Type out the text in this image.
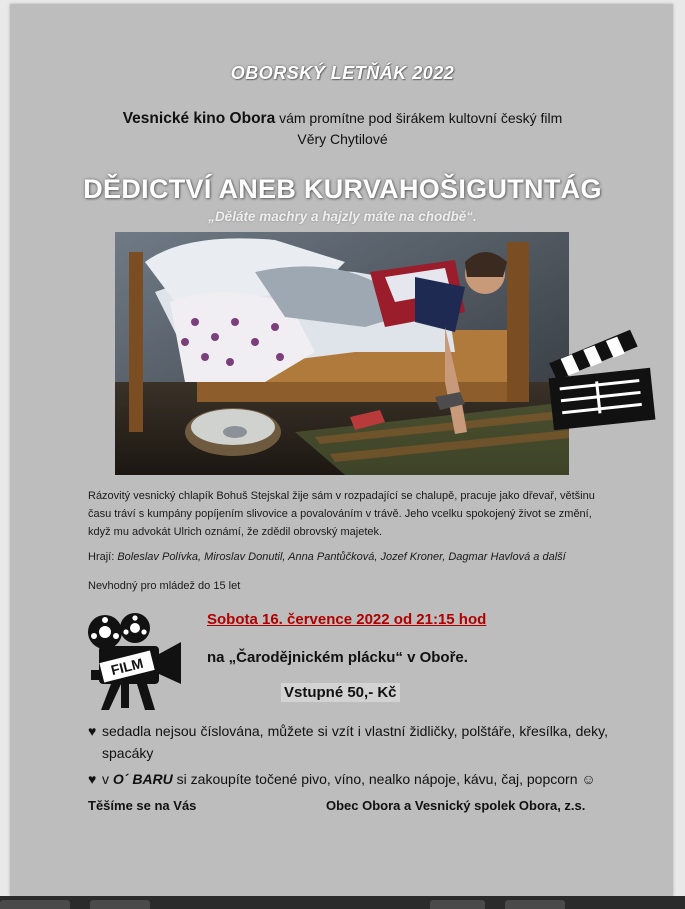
OBORSKÝ LETŇÁK 2022
Vesnické kino Obora vám promítne pod širákem kultovní český film
Věry Chytilové
DĚDICTVÍ ANEB KURVAHOŠIGUTNTÁG
„Děláte machry a hajzly máte na chodbě“.
Rázovitý vesnický chlapík Bohuš Stejskal žije sám v rozpadající se chalupě, pracuje jako dřevař, většinu
času tráví s kumpány popíjením slivovice a povalováním v trávě. Jeho vcelku spokojený život se změní,
když mu advokát Ulrich oznámí, že zdědil obrovský majetek.
Hrají: Boleslav Polívka, Miroslav Donutil, Anna Pantůčková, Jozef Kroner, Dagmar Havlová a další
Nevhodný pro mládež do 15 let
FILM
Sobota 16. července 2022 od 21:15 hod
na „Čarodějnickém plácku“ v Oboře.
Vstupné 50,- Kč
♥ sedadla nejsou číslována, můžete si vzít i vlastní židličky, polštáře, křesílka, deky, spacáky
♥ v O´ BARU si zakoupíte točené pivo, víno, nealko nápoje, kávu, čaj, popcorn ☺
Těšíme se na Vás	Obec Obora a Vesnický spolek Obora, z.s.
